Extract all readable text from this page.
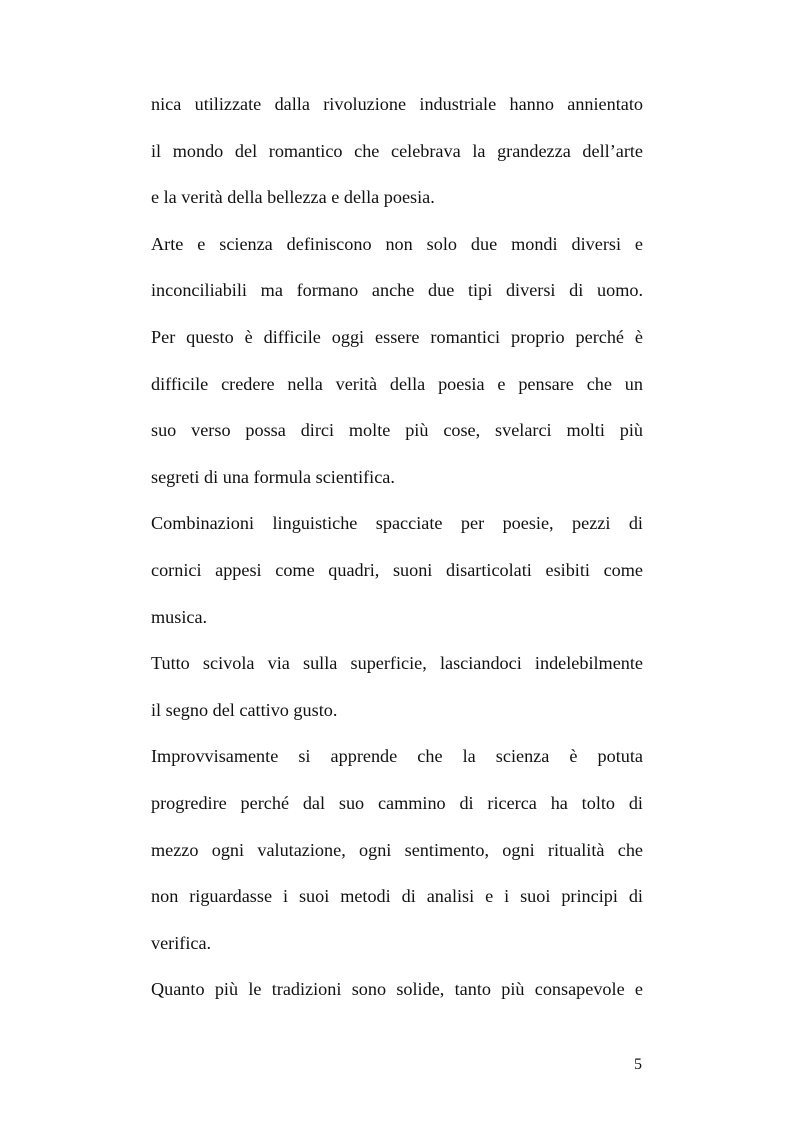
nica utilizzate dalla rivoluzione industriale hanno annientato
il mondo del romantico che celebrava la grandezza dell’arte
e la verità della bellezza e della poesia.
Arte e scienza definiscono non solo due mondi diversi e
inconciliabili ma formano anche due tipi diversi di uomo.
Per questo è difficile oggi essere romantici proprio perché è
difficile credere nella verità della poesia e pensare che un
suo verso possa dirci molte più cose, svelarci molti più
segreti di una formula scientifica.
Combinazioni linguistiche spacciate per poesie, pezzi di
cornici appesi come quadri, suoni disarticolati esibiti come
musica.
Tutto scivola via sulla superficie, lasciandoci indelebilmente
il segno del cattivo gusto.
Improvvisamente si apprende che la scienza è potuta
progredire perché dal suo cammino di ricerca ha tolto di
mezzo ogni valutazione, ogni sentimento, ogni ritualità che
non riguardasse i suoi metodi di analisi e i suoi principi di
verifica.
Quanto più le tradizioni sono solide, tanto più consapevole e
5
